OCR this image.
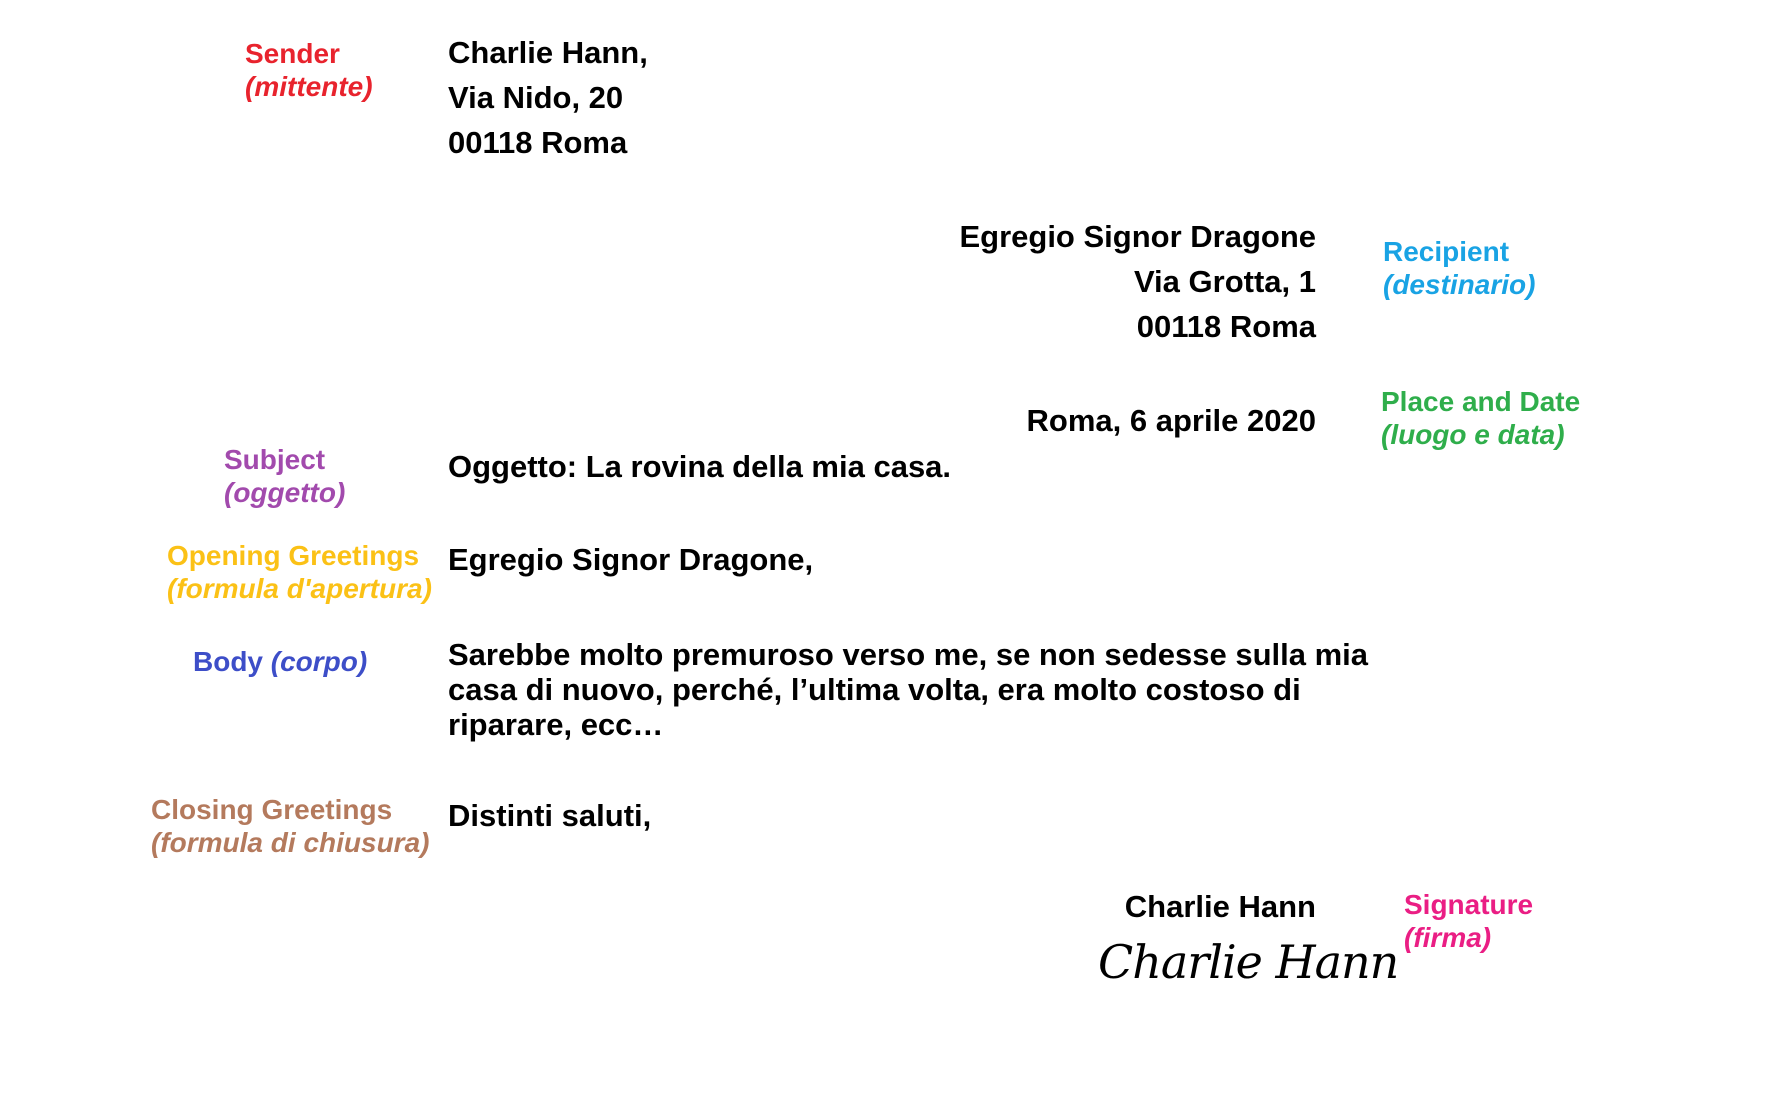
Sender
(mittente)
Charlie Hann,
Via Nido, 20
00118 Roma
Egregio Signor Dragone
Via Grotta, 1
00118 Roma
Recipient
(destinario)
Roma, 6 aprile 2020
Place and Date
(luogo e data)
Subject
(oggetto)
Oggetto: La rovina della mia casa.
Opening Greetings
(formula d'apertura)
Egregio Signor Dragone,
Body (corpo)	Sarebbe molto premuroso verso me, se non sedesse sulla mia
casa di nuovo, perché, l’ultima volta, era molto costoso di
riparare, ecc…
Closing Greetings
(formula di chiusura)
Distinti saluti,
Charlie Hann
Charlie Hann
Signature
(firma)
